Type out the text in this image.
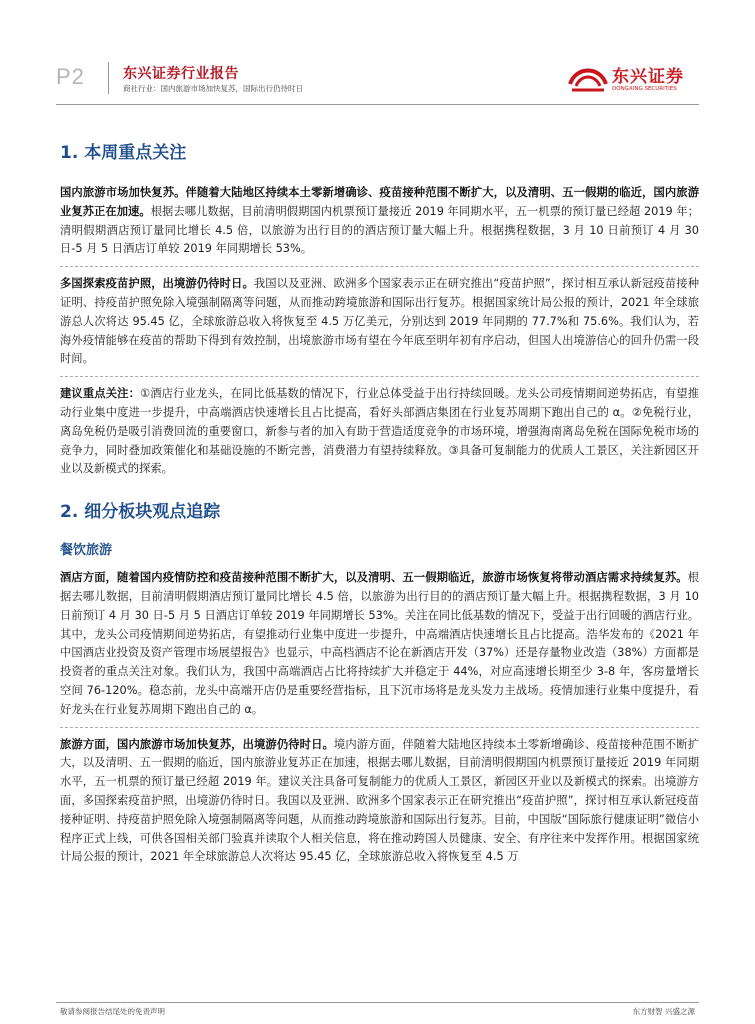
P2	东兴证券行业报告
商社行业：国内旅游市场加快复苏，国际出行仍待时日
东兴证券
DONGXING SECURITIES
1. 本周重点关注

国内旅游市场加快复苏。伴随着大陆地区持续本土零新增确诊、疫苗接种范围不断扩大，以及清明、五一假期的临近，国内旅游业复苏正在加速。根据去哪儿数据，目前清明假期国内机票预订量接近 2019 年同期水平，五一机票的预订量已经超 2019 年；清明假期酒店预订量同比增长 4.5 倍，以旅游为出行目的的酒店预订量大幅上升。根据携程数据，3 月 10 日前预订 4 月 30 日-5 月 5 日酒店订单较 2019 年同期增长 53%。

多国探索疫苗护照，出境游仍待时日。我国以及亚洲、欧洲多个国家表示正在研究推出“疫苗护照”，探讨相互承认新冠疫苗接种证明、持疫苗护照免除入境强制隔离等问题，从而推动跨境旅游和国际出行复苏。根据国家统计局公报的预计，2021 年全球旅游总人次将达 95.45 亿，全球旅游总收入将恢复至 4.5 万亿美元，分别达到 2019 年同期的 77.7%和 75.6%。我们认为，若海外疫情能够在疫苗的帮助下得到有效控制，出境旅游市场有望在今年底至明年初有序启动，但国人出境游信心的回升仍需一段时间。

建议重点关注：①酒店行业龙头，在同比低基数的情况下，行业总体受益于出行持续回暖。龙头公司疫情期间逆势拓店，有望推动行业集中度进一步提升，中高端酒店快速增长且占比提高，看好头部酒店集团在行业复苏周期下跑出自己的 α。②免税行业，离岛免税仍是吸引消费回流的重要窗口，新参与者的加入有助于营造适度竞争的市场环境，增强海南离岛免税在国际免税市场的竞争力，同时叠加政策催化和基础设施的不断完善，消费潜力有望持续释放。③具备可复制能力的优质人工景区，关注新园区开业以及新模式的探索。

2. 细分板块观点追踪
餐饮旅游

酒店方面，随着国内疫情防控和疫苗接种范围不断扩大，以及清明、五一假期临近，旅游市场恢复将带动酒店需求持续复苏。根据去哪儿数据，目前清明假期酒店预订量同比增长 4.5 倍，以旅游为出行目的的酒店预订量大幅上升。根据携程数据，3 月 10 日前预订 4 月 30 日-5 月 5 日酒店订单较 2019 年同期增长 53%。关注在同比低基数的情况下，受益于出行回暖的酒店行业。其中，龙头公司疫情期间逆势拓店，有望推动行业集中度进一步提升，中高端酒店快速增长且占比提高。浩华发布的《2021 年中国酒店业投资及资产管理市场展望报告》也显示，中高档酒店不论在新酒店开发（37%）还是存量物业改造（38%）方面都是投资者的重点关注对象。我们认为，我国中高端酒店占比将持续扩大并稳定于 44%，对应高速增长期至少 3-8 年，客房量增长空间 76-120%。稳态前，龙头中高端开店仍是重要经营指标，且下沉市场将是龙头发力主战场。疫情加速行业集中度提升，看好龙头在行业复苏周期下跑出自己的 α。

旅游方面，国内旅游市场加快复苏，出境游仍待时日。境内游方面，伴随着大陆地区持续本土零新增确诊、疫苗接种范围不断扩大，以及清明、五一假期的临近，国内旅游业复苏正在加速，根据去哪儿数据，目前清明假期国内机票预订量接近 2019 年同期水平，五一机票的预订量已经超 2019 年。建议关注具备可复制能力的优质人工景区，新园区开业以及新模式的探索。出境游方面，多国探索疫苗护照，出境游仍待时日。我国以及亚洲、欧洲多个国家表示正在研究推出“疫苗护照”，探讨相互承认新冠疫苗接种证明、持疫苗护照免除入境强制隔离等问题，从而推动跨境旅游和国际出行复苏。目前，中国版“国际旅行健康证明”微信小程序正式上线，可供各国相关部门验真并读取个人相关信息，将在推动跨国人员健康、安全、有序往来中发挥作用。根据国家统计局公报的预计，2021 年全球旅游总人次将达 95.45 亿，全球旅游总收入将恢复至 4.5 万

敬请参阅报告结尾处的免责声明	东方财智 兴盛之源
